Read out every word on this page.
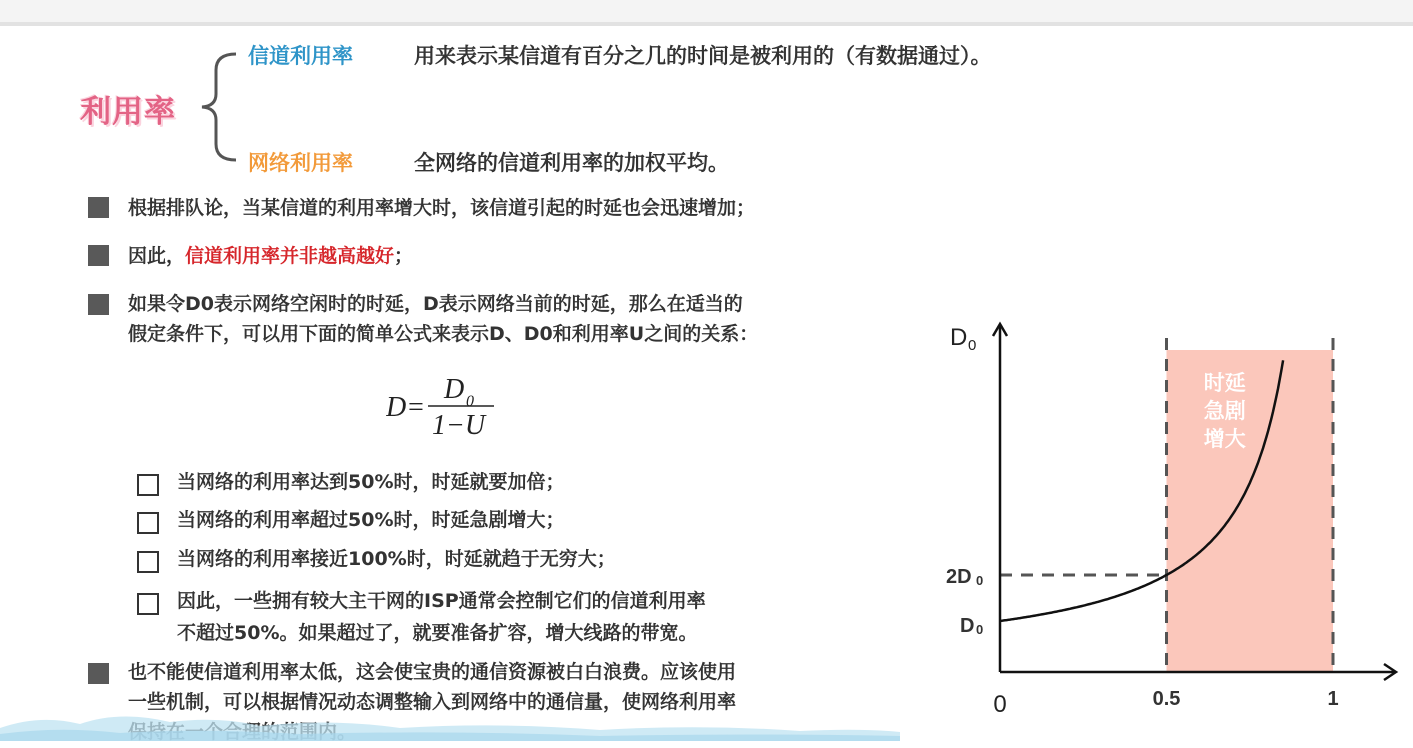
利用率
信道利用率	用来表示某信道有百分之几的时间是被利用的（有数据通过）。
网络利用率	全网络的信道利用率的加权平均。
根据排队论，当某信道的利用率增大时，该信道引起的时延也会迅速增加；
因此，信道利用率并非越高越好；
如果令D0表示网络空闲时的时延，D表示网络当前的时延，那么在适当的
假定条件下，可以用下面的简单公式来表示D、D0和利用率U之间的关系：
D=
D 0
1−U
当网络的利用率达到50%时，时延就要加倍；
当网络的利用率超过50%时，时延急剧增大；
当网络的利用率接近100%时，时延就趋于无穷大；
因此，一些拥有较大主干网的ISP通常会控制它们的信道利用率
不超过50%。如果超过了，就要准备扩容，增大线路的带宽。
也不能使信道利用率太低，这会使宝贵的通信资源被白白浪费。应该使用
一些机制，可以根据情况动态调整输入到网络中的通信量，使网络利用率
D 0
2D 0
D 0
0	0.5	1
时延
急剧
增大
